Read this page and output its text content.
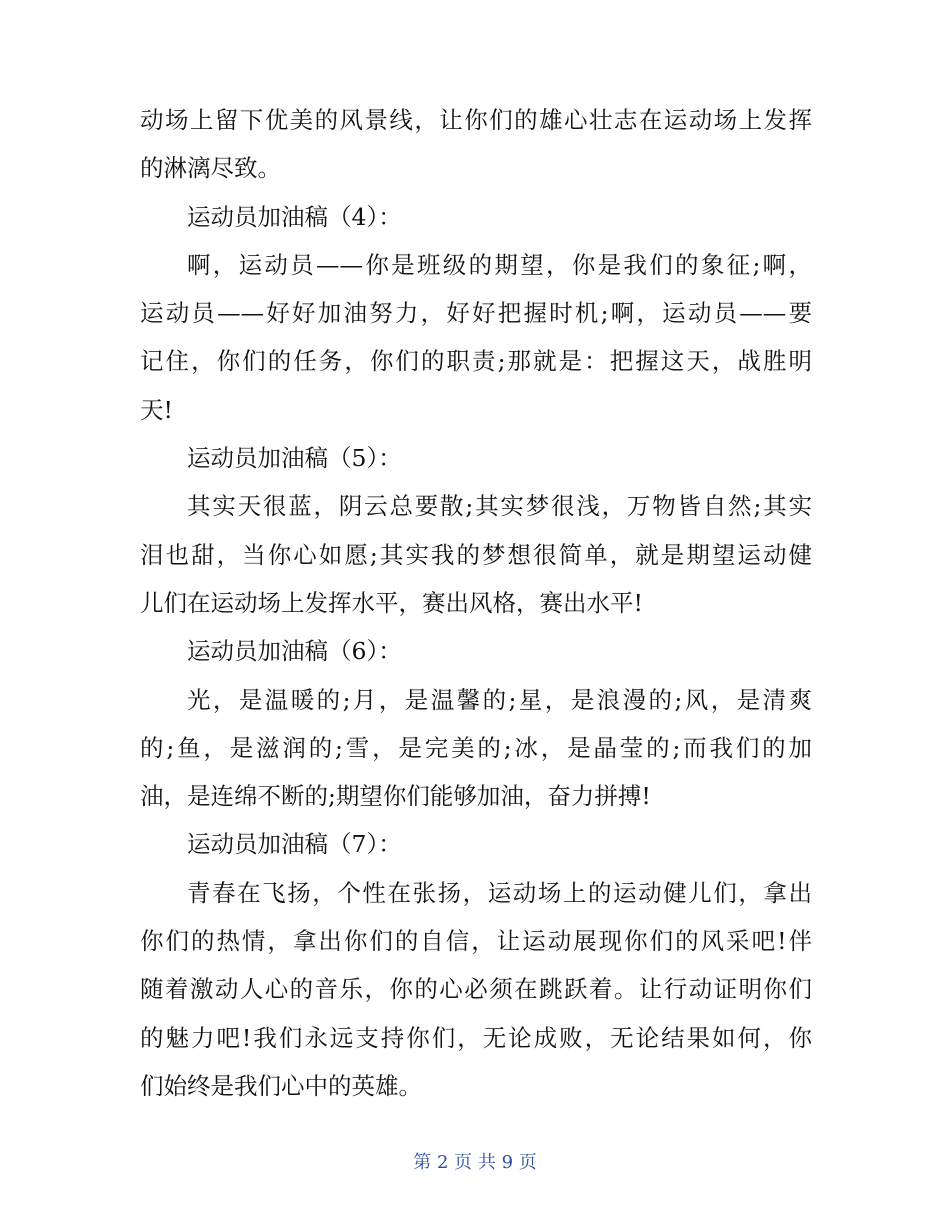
动场上留下优美的风景线，让你们的雄心壮志在运动场上发挥
的淋漓尽致。
运动员加油稿（4）：
啊，运动员——你是班级的期望，你是我们的象征;啊，
运动员——好好加油努力，好好把握时机;啊，运动员——要
记住，你们的任务，你们的职责;那就是：把握这天，战胜明
天!
运动员加油稿（5）：
其实天很蓝，阴云总要散;其实梦很浅，万物皆自然;其实
泪也甜，当你心如愿;其实我的梦想很简单，就是期望运动健
儿们在运动场上发挥水平，赛出风格，赛出水平!
运动员加油稿（6）：
光，是温暖的;月，是温馨的;星，是浪漫的;风，是清爽
的;鱼，是滋润的;雪，是完美的;冰，是晶莹的;而我们的加
油，是连绵不断的;期望你们能够加油，奋力拼搏!
运动员加油稿（7）：
青春在飞扬，个性在张扬，运动场上的运动健儿们，拿出
你们的热情，拿出你们的自信，让运动展现你们的风采吧!伴
随着激动人心的音乐，你的心必须在跳跃着。让行动证明你们
的魅力吧!我们永远支持你们，无论成败，无论结果如何，你
们始终是我们心中的英雄。
第 2 页 共 9 页
